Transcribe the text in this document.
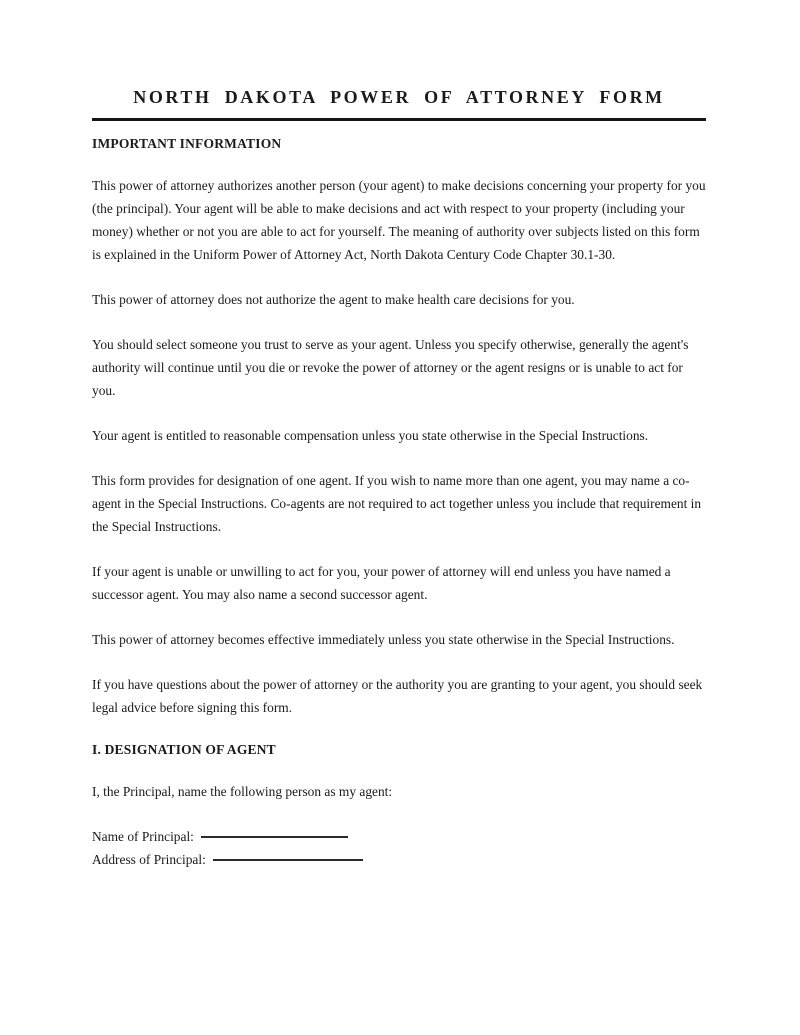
NORTH DAKOTA POWER OF ATTORNEY FORM
IMPORTANT INFORMATION

This power of attorney authorizes another person (your agent) to make decisions concerning your property for you (the principal). Your agent will be able to make decisions and act with respect to your property (including your money) whether or not you are able to act for yourself. The meaning of authority over subjects listed on this form is explained in the Uniform Power of Attorney Act, North Dakota Century Code Chapter 30.1-30.

This power of attorney does not authorize the agent to make health care decisions for you.

You should select someone you trust to serve as your agent. Unless you specify otherwise, generally the agent's authority will continue until you die or revoke the power of attorney or the agent resigns or is unable to act for you.

Your agent is entitled to reasonable compensation unless you state otherwise in the Special Instructions.

This form provides for designation of one agent. If you wish to name more than one agent, you may name a co-agent in the Special Instructions. Co-agents are not required to act together unless you include that requirement in the Special Instructions.

If your agent is unable or unwilling to act for you, your power of attorney will end unless you have named a successor agent. You may also name a second successor agent.

This power of attorney becomes effective immediately unless you state otherwise in the Special Instructions.

If you have questions about the power of attorney or the authority you are granting to your agent, you should seek legal advice before signing this form.

I. DESIGNATION OF AGENT

I, the Principal, name the following person as my agent:

Name of Principal:
Address of Principal:
